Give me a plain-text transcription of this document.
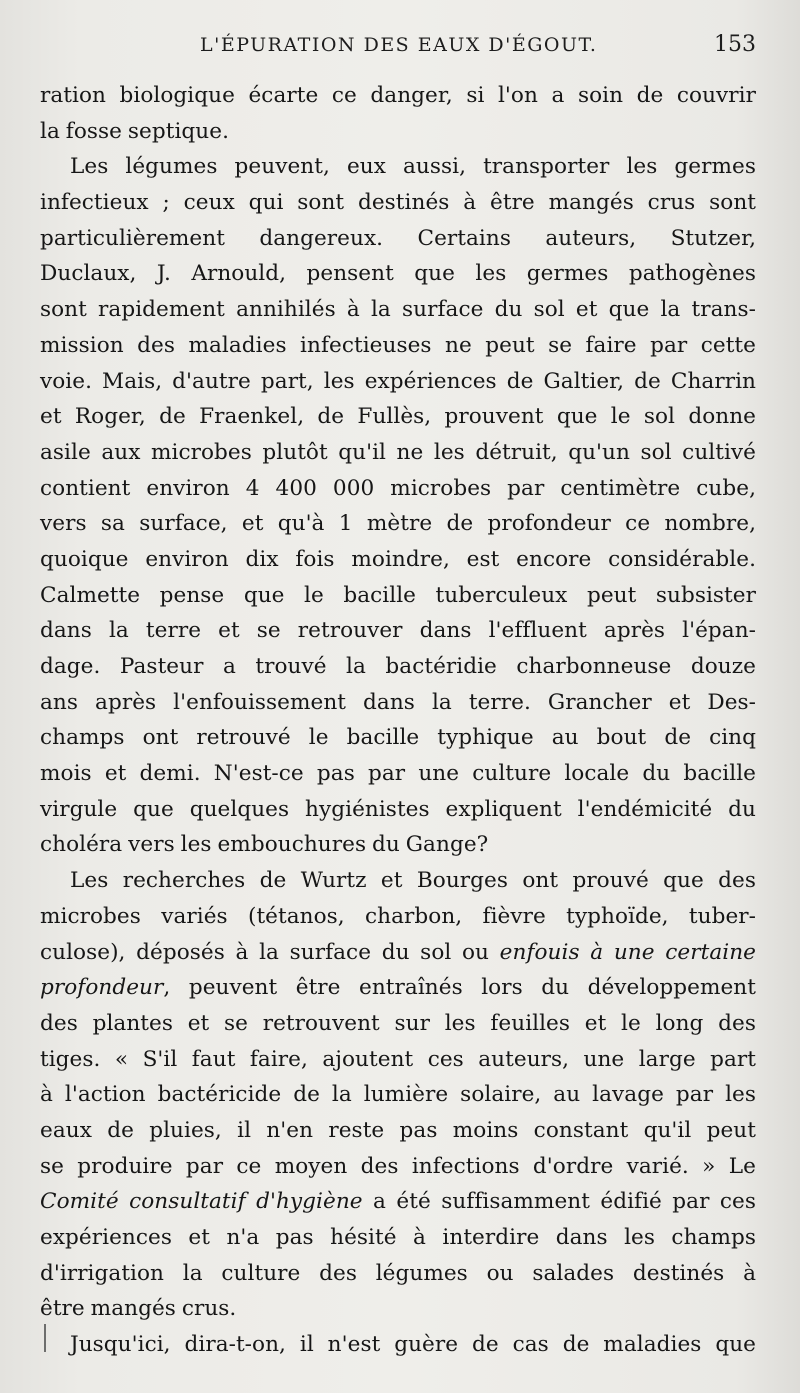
L'ÉPURATION DES EAUX D'ÉGOUT.	153
ration biologique écarte ce danger, si l'on a soin de couvrir
la fosse septique.
Les légumes peuvent, eux aussi, transporter les germes
infectieux ; ceux qui sont destinés à être mangés crus sont
particulièrement dangereux. Certains auteurs, Stutzer,
Duclaux, J. Arnould, pensent que les germes pathogènes
sont rapidement annihilés à la surface du sol et que la trans-
mission des maladies infectieuses ne peut se faire par cette
voie. Mais, d'autre part, les expériences de Galtier, de Charrin
et Roger, de Fraenkel, de Fullès, prouvent que le sol donne
asile aux microbes plutôt qu'il ne les détruit, qu'un sol cultivé
contient environ 4 400 000 microbes par centimètre cube,
vers sa surface, et qu'à 1 mètre de profondeur ce nombre,
quoique environ dix fois moindre, est encore considérable.
Calmette pense que le bacille tuberculeux peut subsister
dans la terre et se retrouver dans l'effluent après l'épan-
dage. Pasteur a trouvé la bactéridie charbonneuse douze
ans après l'enfouissement dans la terre. Grancher et Des-
champs ont retrouvé le bacille typhique au bout de cinq
mois et demi. N'est-ce pas par une culture locale du bacille
virgule que quelques hygiénistes expliquent l'endémicité du
choléra vers les embouchures du Gange?
Les recherches de Wurtz et Bourges ont prouvé que des
microbes variés (tétanos, charbon, fièvre typhoïde, tuber-
culose), déposés à la surface du sol ou enfouis à une certaine
profondeur, peuvent être entraînés lors du développement
des plantes et se retrouvent sur les feuilles et le long des
tiges. « S'il faut faire, ajoutent ces auteurs, une large part
à l'action bactéricide de la lumière solaire, au lavage par les
eaux de pluies, il n'en reste pas moins constant qu'il peut
se produire par ce moyen des infections d'ordre varié. » Le
Comité consultatif d'hygiène a été suffisamment édifié par ces
expériences et n'a pas hésité à interdire dans les champs
d'irrigation la culture des légumes ou salades destinés à
être mangés crus.
Jusqu'ici, dira-t-on, il n'est guère de cas de maladies que
